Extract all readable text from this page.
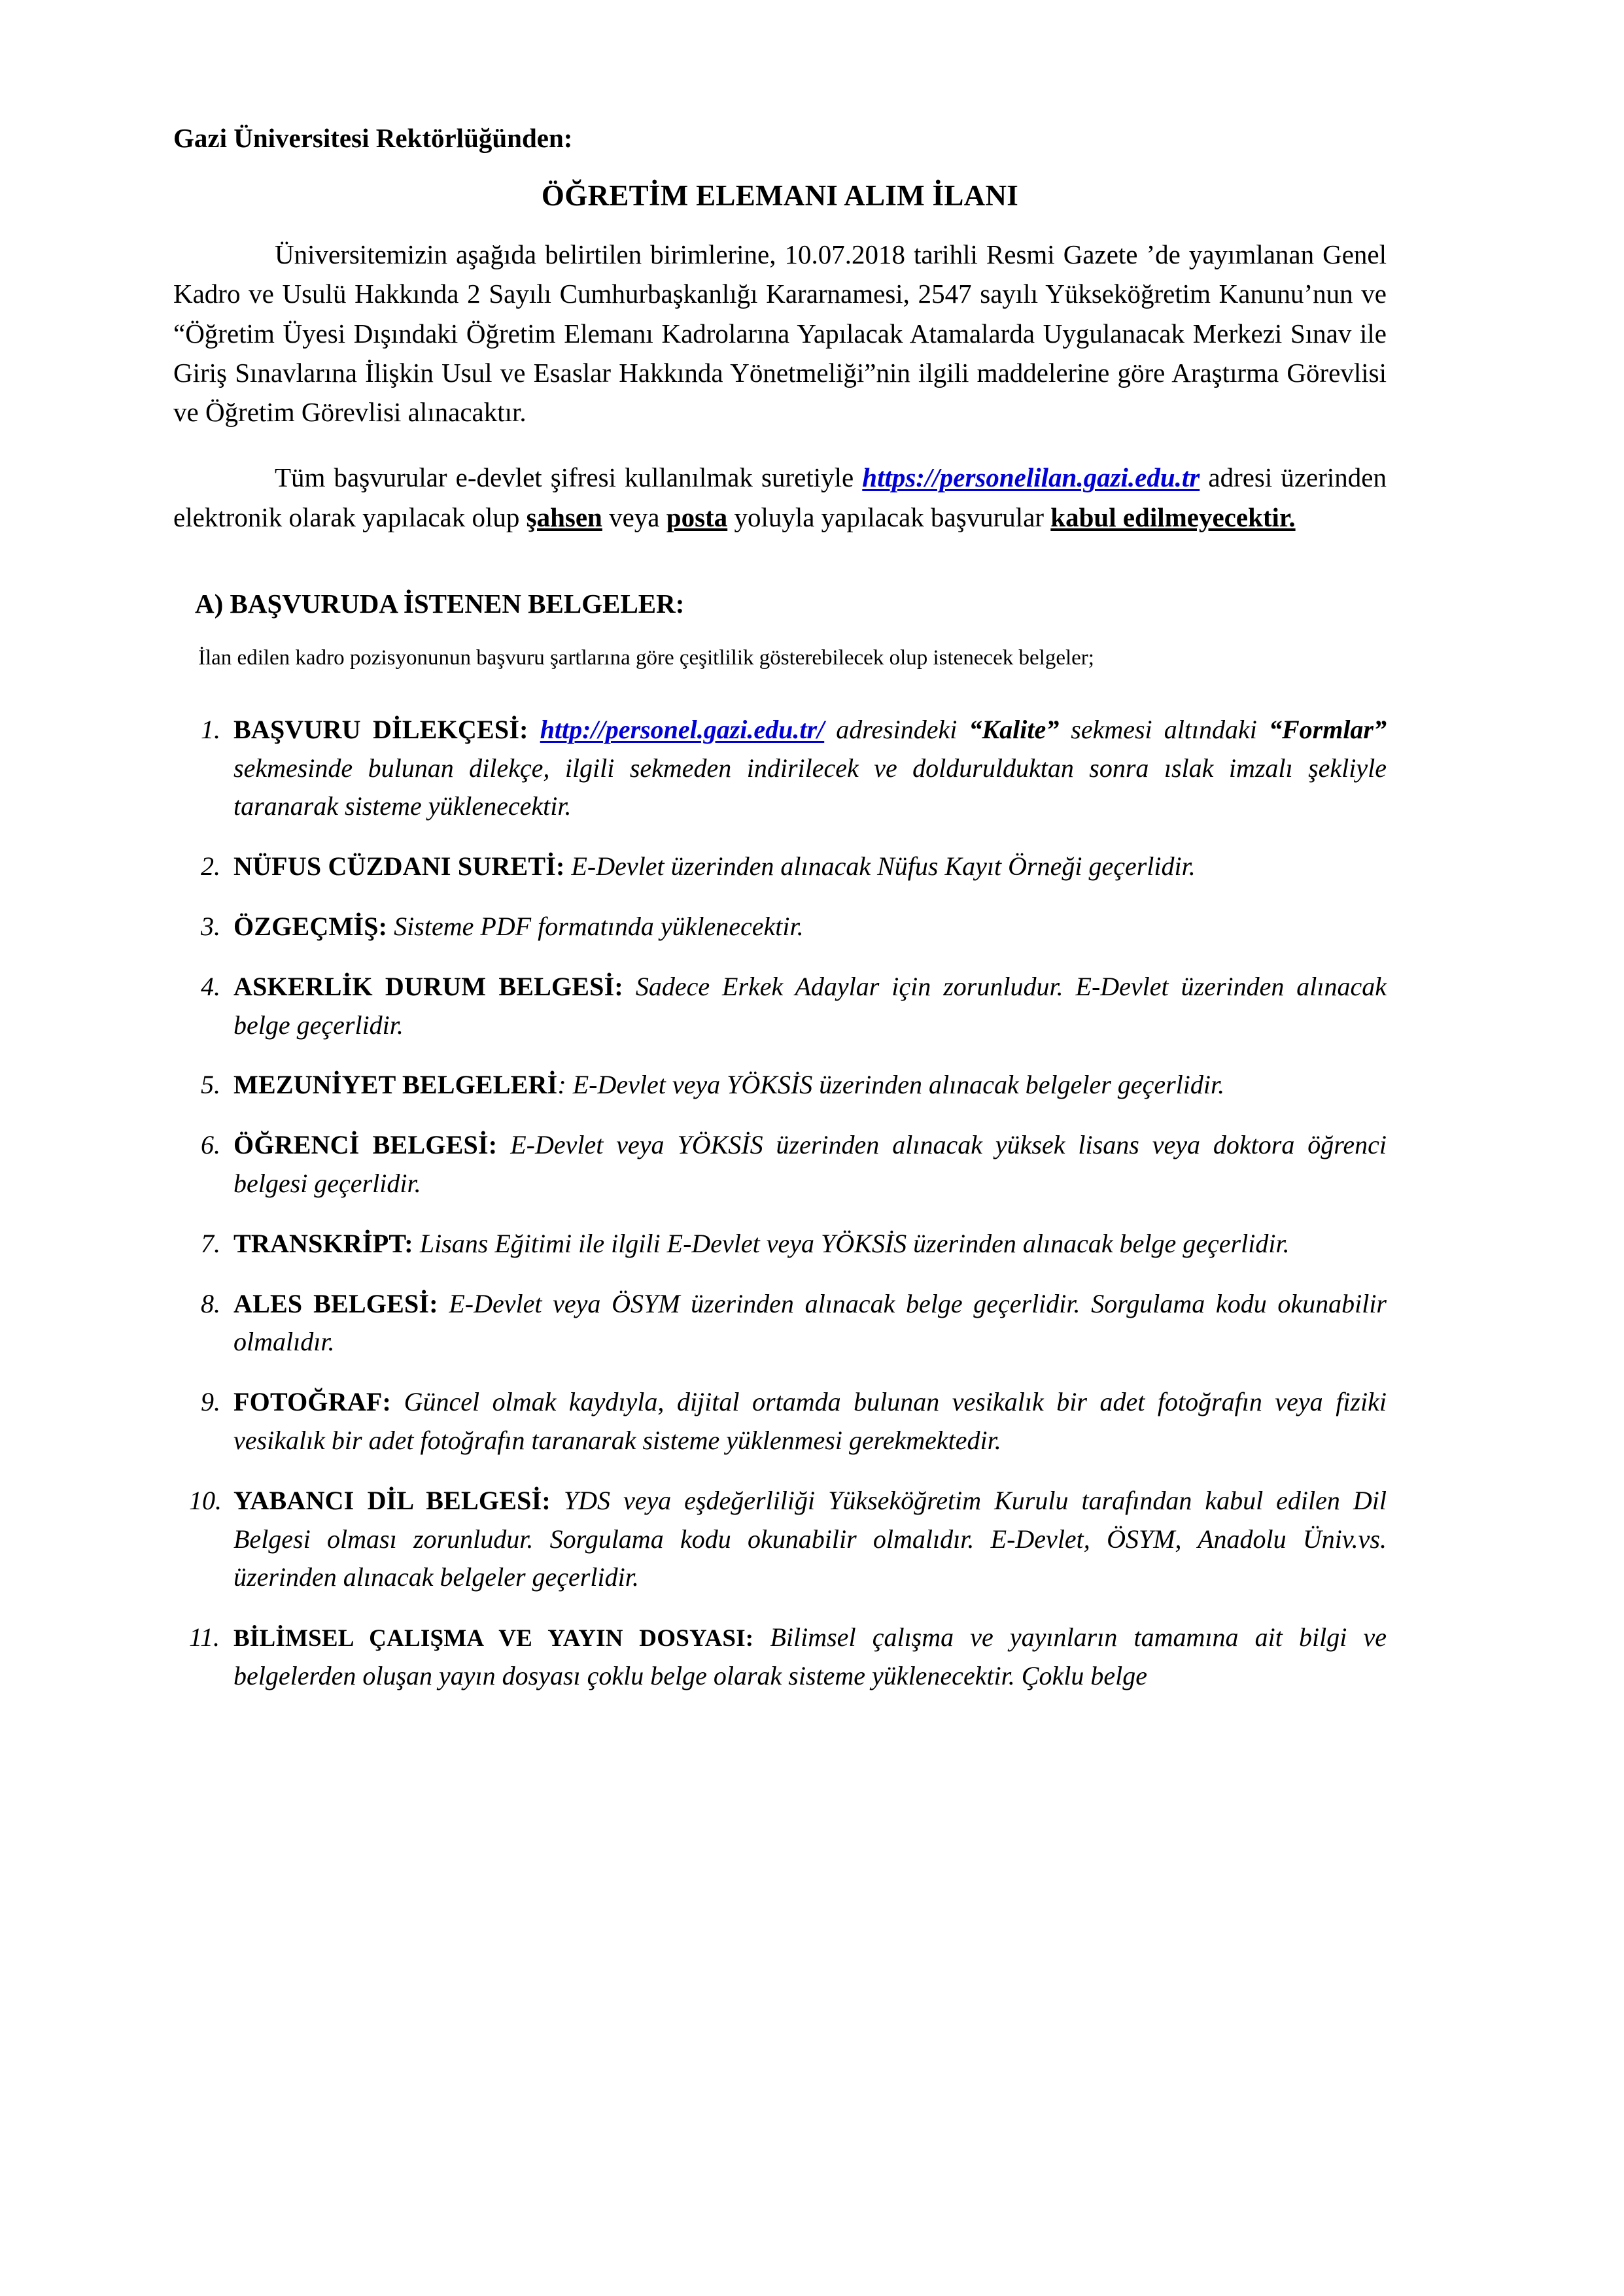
Gazi Üniversitesi Rektörlüğünden:
ÖĞRETİM ELEMANI ALIM İLANI

Üniversitemizin aşağıda belirtilen birimlerine, 10.07.2018 tarihli Resmi Gazete ’de yayımlanan Genel Kadro ve Usulü Hakkında 2 Sayılı Cumhurbaşkanlığı Kararnamesi, 2547 sayılı Yükseköğretim Kanunu’nun ve “Öğretim Üyesi Dışındaki Öğretim Elemanı Kadrolarına Yapılacak Atamalarda Uygulanacak Merkezi Sınav ile Giriş Sınavlarına İlişkin Usul ve Esaslar Hakkında Yönetmeliği”nin ilgili maddelerine göre Araştırma Görevlisi ve Öğretim Görevlisi alınacaktır.

Tüm başvurular e-devlet şifresi kullanılmak suretiyle https://personelilan.gazi.edu.tr adresi üzerinden elektronik olarak yapılacak olup şahsen veya posta yoluyla yapılacak başvurular kabul edilmeyecektir.

A) BAŞVURUDA İSTENEN BELGELER:
İlan edilen kadro pozisyonunun başvuru şartlarına göre çeşitlilik gösterebilecek olup istenecek belgeler;
1. BAŞVURU DİLEKÇESİ: http://personel.gazi.edu.tr/ adresindeki “Kalite” sekmesi altındaki “Formlar” sekmesinde bulunan dilekçe, ilgili sekmeden indirilecek ve doldurulduktan sonra ıslak imzalı şekliyle taranarak sisteme yüklenecektir.
2. NÜFUS CÜZDANI SURETİ: E-Devlet üzerinden alınacak Nüfus Kayıt Örneği geçerlidir.
3. ÖZGEÇMİŞ: Sisteme PDF formatında yüklenecektir.
4. ASKERLİK DURUM BELGESİ: Sadece Erkek Adaylar için zorunludur. E-Devlet üzerinden alınacak belge geçerlidir.
5. MEZUNİYET BELGELERİ: E-Devlet veya YÖKSİS üzerinden alınacak belgeler geçerlidir.
6. ÖĞRENCİ BELGESİ: E-Devlet veya YÖKSİS üzerinden alınacak yüksek lisans veya doktora öğrenci belgesi geçerlidir.
7. TRANSKRİPT: Lisans Eğitimi ile ilgili E-Devlet veya YÖKSİS üzerinden alınacak belge geçerlidir.
8. ALES BELGESİ: E-Devlet veya ÖSYM üzerinden alınacak belge geçerlidir. Sorgulama kodu okunabilir olmalıdır.
9. FOTOĞRAF: Güncel olmak kaydıyla, dijital ortamda bulunan vesikalık bir adet fotoğrafın veya fiziki vesikalık bir adet fotoğrafın taranarak sisteme yüklenmesi gerekmektedir.
10. YABANCI DİL BELGESİ: YDS veya eşdeğerliliği Yükseköğretim Kurulu tarafından kabul edilen Dil Belgesi olması zorunludur. Sorgulama kodu okunabilir olmalıdır. E-Devlet, ÖSYM, Anadolu Üniv.vs. üzerinden alınacak belgeler geçerlidir.
11. BİLİMSEL ÇALIŞMA VE YAYIN DOSYASI: Bilimsel çalışma ve yayınların tamamına ait bilgi ve belgelerden oluşan yayın dosyası çoklu belge olarak sisteme yüklenecektir. Çoklu belge
